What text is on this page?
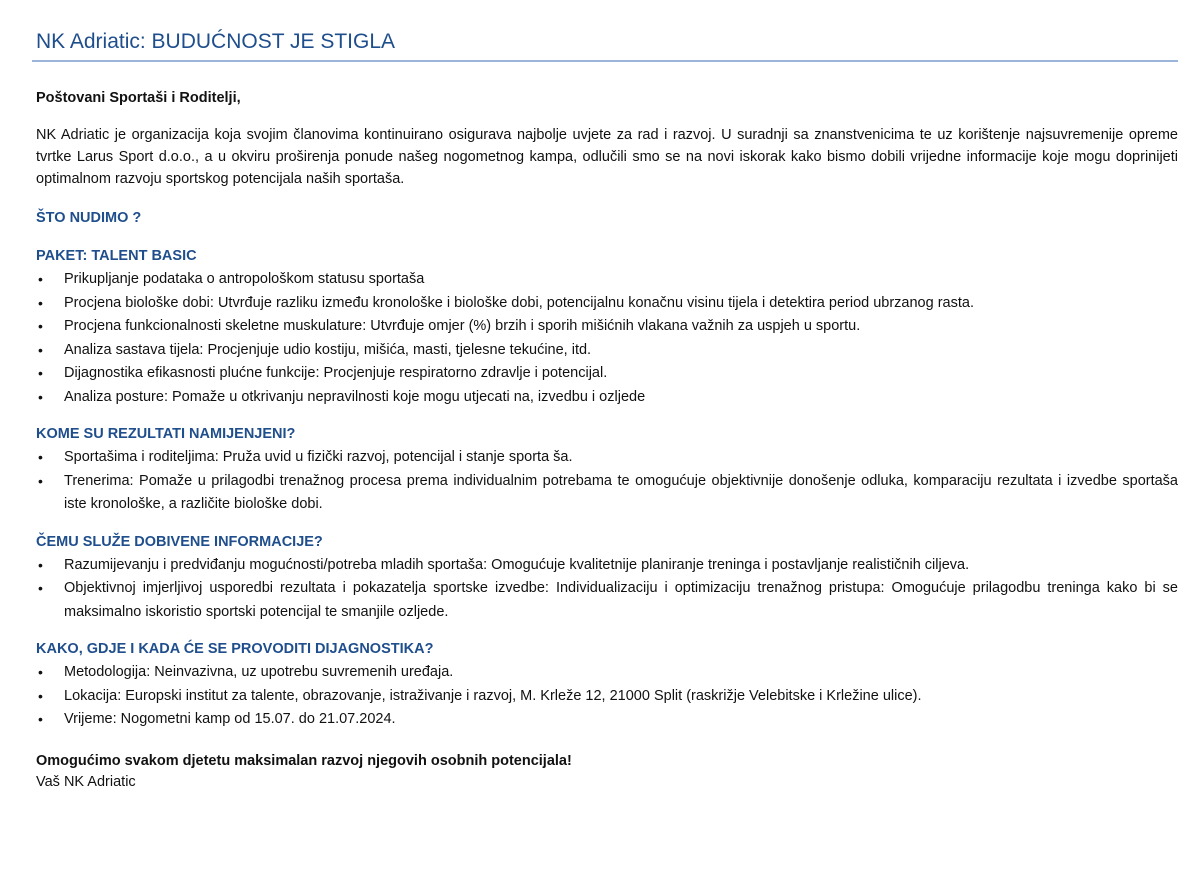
NK Adriatic: BUDUĆNOST JE STIGLA
Poštovani Sportaši i Roditelji,
NK Adriatic je organizacija koja svojim članovima kontinuirano osigurava najbolje uvjete za rad i razvoj. U suradnji sa znanstvenicima te uz korištenje najsuvremenije opreme tvrtke Larus Sport d.o.o., a u okviru proširenja ponude našeg nogometnog kampa, odlučili smo se na novi iskorak kako bismo dobili vrijedne informacije koje mogu doprinijeti optimalnom razvoju sportskog potencijala naših sportaša.
ŠTO NUDIMO ?
PAKET: TALENT BASIC
• Prikupljanje podataka o antropološkom statusu sportaša
• Procjena biološke dobi: Utvrđuje razliku između kronološke i biološke dobi, potencijalnu konačnu visinu tijela i detektira period ubrzanog rasta.
• Procjena funkcionalnosti skeletne muskulature: Utvrđuje omjer (%) brzih i sporih mišićnih vlakana važnih za uspjeh u sportu.
• Analiza sastava tijela: Procjenjuje udio kostiju, mišića, masti, tjelesne tekućine, itd.
• Dijagnostika efikasnosti plućne funkcije: Procjenjuje respiratorno zdravlje i potencijal.
• Analiza posture: Pomaže u otkrivanju nepravilnosti koje mogu utjecati na, izvedbu i ozljede
KOME SU REZULTATI NAMIJENJENI?
• Sportašima i roditeljima: Pruža uvid u fizički razvoj, potencijal i stanje sporta ša.
• Trenerima: Pomaže u prilagodbi trenažnog procesa prema individualnim potrebama te omogućuje objektivnije donošenje odluka, komparaciju rezultata i izvedbe sportaša iste kronološke, a različite biološke dobi.
ČEMU SLUŽE DOBIVENE INFORMACIJE?
• Razumijevanju i predviđanju mogućnosti/potreba mladih sportaša: Omogućuje kvalitetnije planiranje treninga i postavljanje realističnih ciljeva.
• Objektivnoj imjerljivoj usporedbi rezultata i pokazatelja sportske izvedbe: Individualizaciju i optimizaciju trenažnog pristupa: Omogućuje prilagodbu treninga kako bi se maksimalno iskoristio sportski potencijal te smanjile ozljede.
KAKO, GDJE I KADA ĆE SE PROVODITI DIJAGNOSTIKA?
• Metodologija: Neinvazivna, uz upotrebu suvremenih uređaja.
• Lokacija: Europski institut za talente, obrazovanje, istraživanje i razvoj, M. Krleže 12, 21000 Split (raskrižje Velebitske i Krležine ulice).
• Vrijeme: Nogometni kamp od 15.07. do 21.07.2024.
Omogućimo svakom djetetu maksimalan razvoj njegovih osobnih potencijala!
Vaš NK Adriatic
